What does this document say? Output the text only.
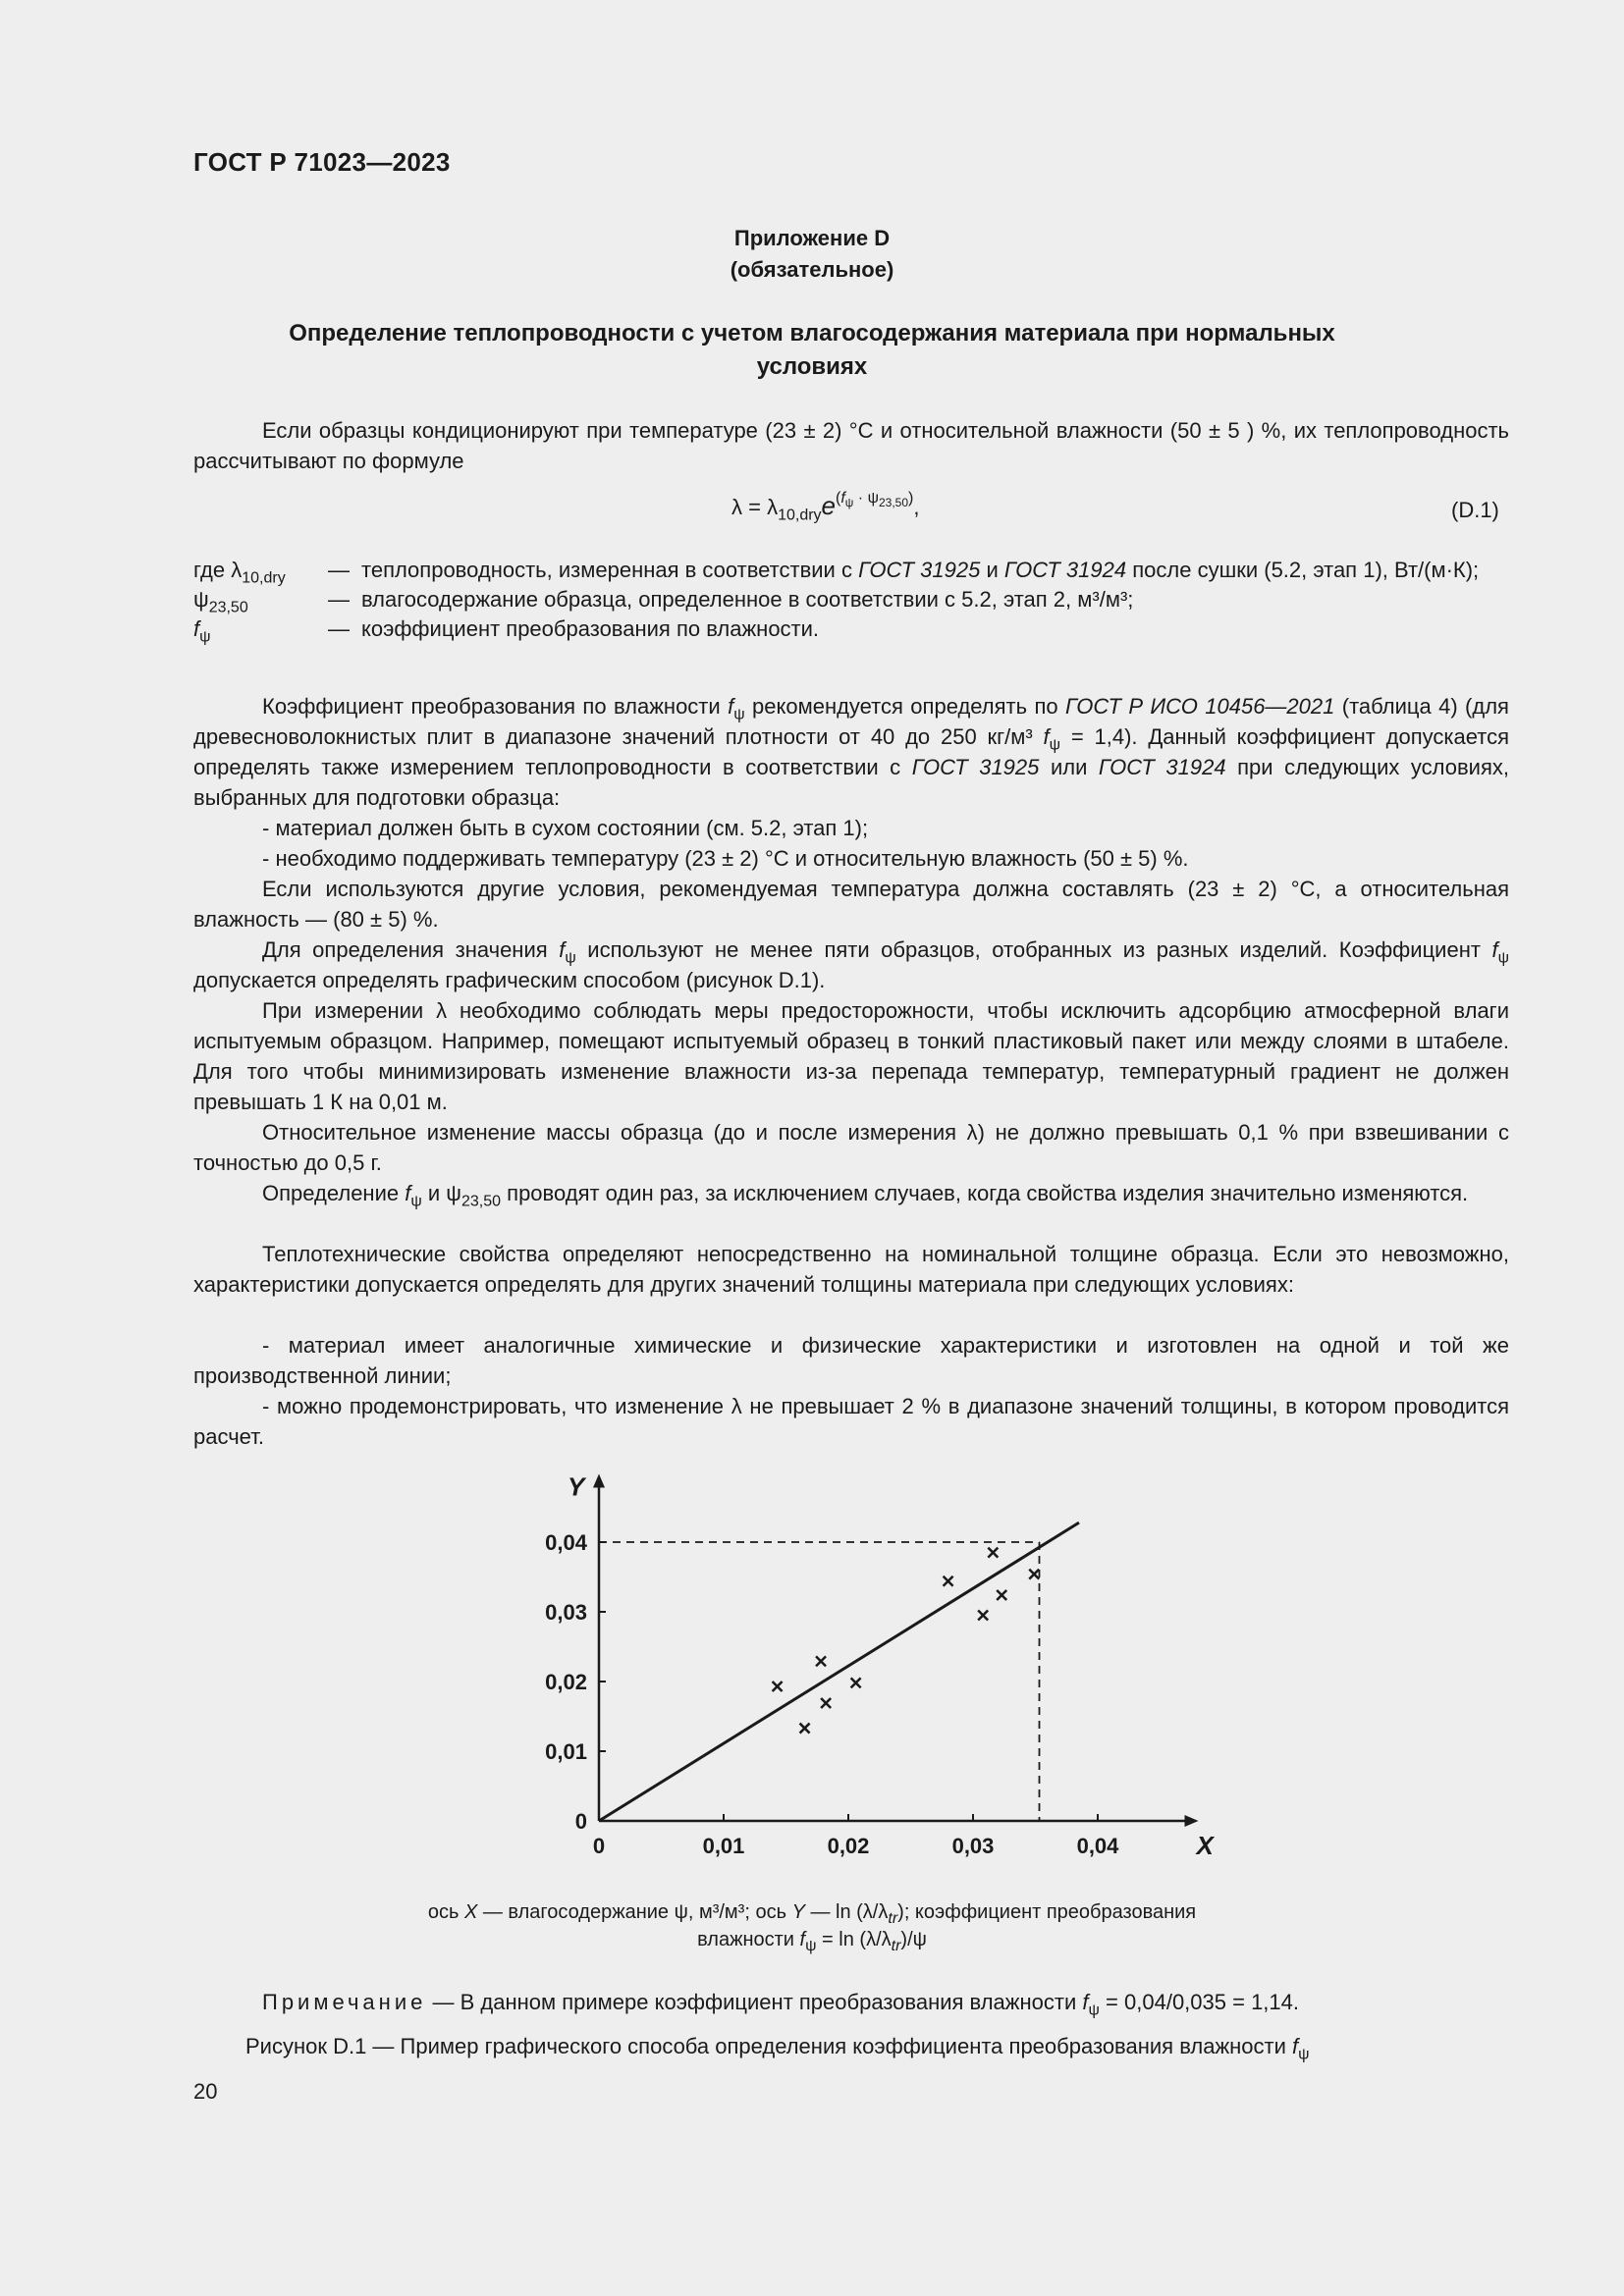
ГОСТ Р 71023—2023
Приложение D
(обязательное)
Определение теплопроводности с учетом влагосодержания материала при нормальных
условиях
Если образцы кондиционируют при температуре (23 ± 2) °С и относительной влажности (50 ± 5 ) %, их теплопроводность рассчитывают по формуле
$\lambda = \lambda_{10,dry}e^{(f_\psi \cdot \psi_{23,50})}$,	(D.1)
где $\lambda_{10,dry}$	—	теплопроводность, измеренная в соответствии с ГОСТ 31925 и ГОСТ 31924 после сушки (5.2, этап 1), Вт/(м·К);
$\psi_{23,50}$	—	влагосодержание образца, определенное в соответствии с 5.2, этап 2, м³/м³;
$f_\psi$	—	коэффициент преобразования по влажности.
Коэффициент преобразования по влажности $f_\psi$ рекомендуется определять по ГОСТ Р ИСО 10456—2021 (таблица 4) (для древесноволокнистых плит в диапазоне значений плотности от 40 до 250 кг/м³ $f_\psi = 1,4$). Данный коэффициент допускается определять также измерением теплопроводности в соответствии с ГОСТ 31925 или ГОСТ 31924 при следующих условиях, выбранных для подготовки образца:
- материал должен быть в сухом состоянии (см. 5.2, этап 1);
- необходимо поддерживать температуру (23 ± 2) °С и относительную влажность (50 ± 5) %.
Если используются другие условия, рекомендуемая температура должна составлять (23 ± 2) °С, а относительная влажность — (80 ± 5) %.
Для определения значения $f_\psi$ используют не менее пяти образцов, отобранных из разных изделий. Коэффициент $f_\psi$ допускается определять графическим способом (рисунок D.1).
При измерении λ необходимо соблюдать меры предосторожности, чтобы исключить адсорбцию атмосферной влаги испытуемым образцом. Например, помещают испытуемый образец в тонкий пластиковый пакет или между слоями в штабеле. Для того чтобы минимизировать изменение влажности из-за перепада температур, температурный градиент не должен превышать 1 К на 0,01 м.
Относительное изменение массы образца (до и после измерения λ) не должно превышать 0,1 % при взвешивании с точностью до 0,5 г.
Определение $f_\psi$ и $\psi_{23,50}$ проводят один раз, за исключением случаев, когда свойства изделия значительно изменяются.
Теплотехнические свойства определяют непосредственно на номинальной толщине образца. Если это невозможно, характеристики допускается определять для других значений толщины материала при следующих условиях:
- материал имеет аналогичные химические и физические характеристики и изготовлен на одной и той же производственной линии;
- можно продемонстрировать, что изменение λ не превышает 2 % в диапазоне значений толщины, в котором проводится расчет.
0	0,01	0,02	0,03	0,04
0
0,01
0,02
0,03
0,04
X
Y
ось X — влагосодержание ψ, м³/м³; ось Y — $\ln (\lambda/\lambda_{tr})$; коэффициент преобразования
влажности $f_\psi = \ln (\lambda/\lambda_{tr})/\psi$
Примечание — В данном примере коэффициент преобразования влажности $f_\psi = 0,04/0,035 = 1,14$.
Рисунок D.1 — Пример графического способа определения коэффициента преобразования влажности $f_\psi$
20
